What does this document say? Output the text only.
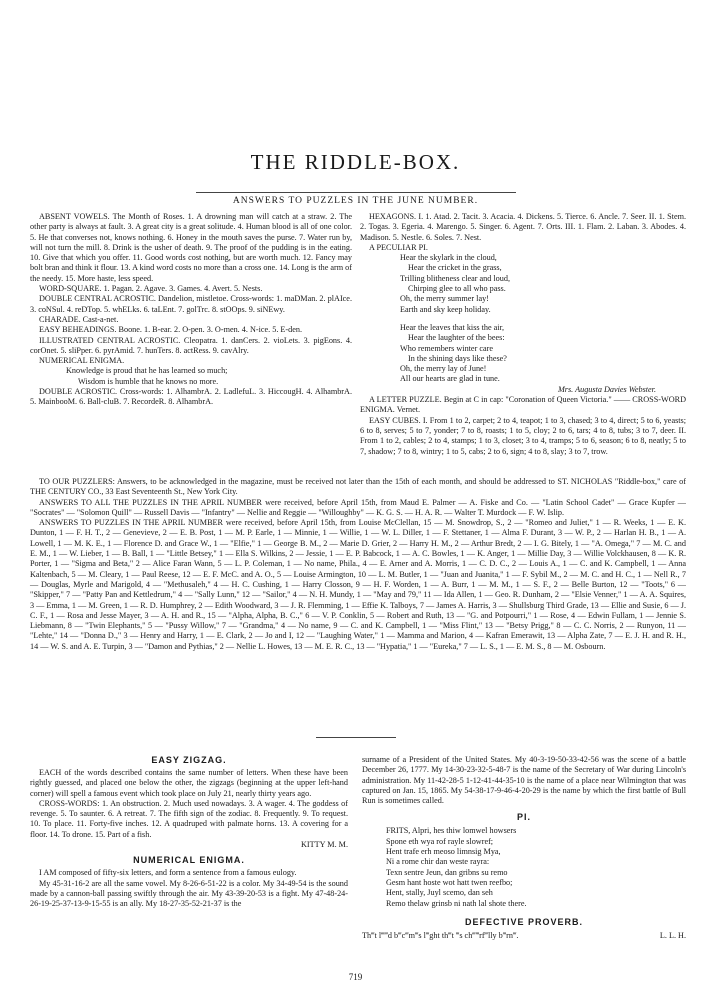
THE RIDDLE-BOX.
ANSWERS TO PUZZLES IN THE JUNE NUMBER.

ABSENT VOWELS. The Month of Roses. 1. A drowning man will catch at a straw. 2. The other party is always at fault. 3. A great city is a great solitude. 4. Human blood is all of one color. 5. He that converses not, knows nothing. 6. Honey in the mouth saves the purse. 7. Water run by, will not turn the mill. 8. Drink is the usher of death. 9. The proof of the pudding is in the eating. 10. Give that which you offer. 11. Good words cost nothing, but are worth much. 12. Fancy may bolt bran and think it flour. 13. A kind word costs no more than a cross one. 14. Long is the arm of the needy. 15. More haste, less speed.

WORD-SQUARE. 1. Pagan. 2. Agave. 3. Games. 4. Avert. 5. Nests.

DOUBLE CENTRAL ACROSTIC. Dandelion, mistletoe. Cross-words: 1. maDMan. 2. plAIce. 3. coNSul. 4. reDTop. 5. whELks. 6. taLEnt. 7. golTrc. 8. stOOps. 9. siNEwy.

CHARADE. Cast-a-net.

EASY BEHEADINGS. Boone. 1. B-ear. 2. O-pen. 3. O-men. 4. N-ice. 5. E-den.

ILLUSTRATED CENTRAL ACROSTIC. Cleopatra. 1. danCers. 2. vioLets. 3. pigEons. 4. corOnet. 5. sliPper. 6. pyrAmid. 7. hunTers. 8. actRess. 9. cavAlry.

NUMERICAL ENIGMA.

Knowledge is proud that he has learned so much;

Wisdom is humble that he knows no more.

DOUBLE ACROSTIC. Cross-words: 1. AlhambrA. 2. LadlefuL. 3. HiccougH. 4. AlhambrA. 5. MainbooM. 6. Ball-cluB. 7. RecordeR. 8. AlhambrA.

HEXAGONS. I. 1. Atad. 2. Tacit. 3. Acacia. 4. Dickens. 5. Tierce. 6. Ancle. 7. Seer. II. 1. Stem. 2. Togas. 3. Egeria. 4. Marengo. 5. Singer. 6. Agent. 7. Orts. III. 1. Flam. 2. Laban. 3. Abodes. 4. Madison. 5. Nestle. 6. Soles. 7. Nest.

A PECULIAR PI.

Hear the skylark in the cloud,
Hear the cricket in the grass,
Trilling blitheness clear and loud,
Chirping glee to all who pass.
Oh, the merry summer lay!
Earth and sky keep holiday.
Hear the leaves that kiss the air,
Hear the laughter of the bees:
Who remembers winter care
In the shining days like these?
Oh, the merry lay of June!
All our hearts are glad in tune.
Mrs. Augusta Davies Webster.

A LETTER PUZZLE. Begin at C in cap: "Coronation of Queen Victoria." —— CROSS-WORD ENIGMA. Vernet.

EASY CUBES. I. From 1 to 2, carpet; 2 to 4, teapot; 1 to 3, chased; 3 to 4, direct; 5 to 6, yeasts; 6 to 8, serves; 5 to 7, yonder; 7 to 8, roasts; 1 to 5, cloy; 2 to 6, tars; 4 to 8, tubs; 3 to 7, deer. II. From 1 to 2, cables; 2 to 4, stamps; 1 to 3, closet; 3 to 4, tramps; 5 to 6, season; 6 to 8, neatly; 5 to 7, shadow; 7 to 8, wintry; 1 to 5, cabs; 2 to 6, sign; 4 to 8, slay; 3 to 7, trow.

TO OUR PUZZLERS: Answers, to be acknowledged in the magazine, must be received not later than the 15th of each month, and should be addressed to ST. NICHOLAS "Riddle-box," care of THE CENTURY CO., 33 East Seventeenth St., New York City.

ANSWERS TO ALL THE PUZZLES IN THE APRIL NUMBER were received, before April 15th, from Maud E. Palmer — A. Fiske and Co. — "Latin School Cadet" — Grace Kupfer — "Socrates" — "Solomon Quill" — Russell Davis — "Infantry" — Nellie and Reggie — "Willoughby" — K. G. S. — H. A. R. — Walter T. Murdock — F. W. Islip.

ANSWERS TO PUZZLES IN THE APRIL NUMBER were received, before April 15th, from Louise McClellan, 15 — M. Snowdrop, S., 2 — "Romeo and Juliet," 1 — R. Weeks, 1 — E. K. Dunton, 1 — F. H. T., 2 — Genevieve, 2 — E. B. Post, 1 — M. P. Earle, 1 — Minnie, 1 — Willie, 1 — W. L. Diller, 1 — F. Stettaner, 1 — Alma F. Durant, 3 — W. P., 2 — Harlan H. B., 1 — A. Lowell, 1 — M. K. E., 1 — Florence D. and Grace W., 1 — "Elfie," 1 — George B. M., 2 — Marie D. Grier, 2 — Harry H. M., 2 — Arthur Bredt, 2 — I. G. Bitely, 1 — "A. Omega," 7 — M. C. and E. M., 1 — W. Lieber, 1 — B. Ball, 1 — "Little Betsey," 1 — Ella S. Wilkins, 2 — Jessie, 1 — E. P. Babcock, 1 — A. C. Bowles, 1 — K. Anger, 1 — Millie Day, 3 — Willie Volckhausen, 8 — K. R. Porter, 1 — "Sigma and Beta," 2 — Alice Faran Wann, 5 — L. P. Coleman, 1 — No name, Phila., 4 — E. Arner and A. Morris, 1 — C. D. C., 2 — Louis A., 1 — C. and K. Campbell, 1 — Anna Kaltenbach, 5 — M. Cleary, 1 — Paul Reese, 12 — E. F. McC. and A. O., 5 — Louise Armington, 10 — L. M. Butler, 1 — "Juan and Juanita," 1 — F. Sybil M., 2 — M. C. and H. C., 1 — Nell R., 7 — Douglas, Myrle and Marigold, 4 — "Methusaleh," 4 — H. C. Cushing, 1 — Harry Closson, 9 — H. F. Worden, 1 — A. Burr, 1 — M. M., 1 — S. F., 2 — Belle Burton, 12 — "Toots," 6 — "Skipper," 7 — "Patty Pan and Kettledrum," 4 — "Sally Lunn," 12 — "Sailor," 4 — N. H. Mundy, 1 — "May and 79," 11 — Ida Allen, 1 — Geo. R. Dunham, 2 — "Elsie Venner," 1 — A. A. Squires, 3 — Emma, 1 — M. Green, 1 — R. D. Humphrey, 2 — Edith Woodward, 3 — J. R. Flemming, 1 — Effie K. Talboys, 7 — James A. Harris, 3 — Shullsburg Third Grade, 13 — Ellie and Susie, 6 — J. C. F., 1 — Rosa and Jesse Mayer, 3 — A. H. and R., 15 — "Alpha, Alpha, B. C.," 6 — V. P. Conklin, 5 — Robert and Ruth, 13 — "G. and Potpourri," 1 — Rose, 4 — Edwin Fullam, 1 — Jennie S. Liebmann, 8 — "Twin Elephants," 5 — "Pussy Willow," 7 — "Grandma," 4 — No name, 9 — C. and K. Campbell, 1 — "Miss Flint," 13 — "Betsy Prigg," 8 — C. C. Norris, 2 — Runyon, 11 — "Lehte," 14 — "Donna D.," 3 — Henry and Harry, 1 — E. Clark, 2 — Jo and I, 12 — "Laughing Water," 1 — Mamma and Marion, 4 — Kafran Emerawit, 13 — Alpha Zate, 7 — E. J. H. and R. H., 14 — W. S. and A. E. Turpin, 3 — "Damon and Pythias," 2 — Nellie L. Howes, 13 — M. E. R. C., 13 — "Hypatia," 1 — "Eureka," 7 — L. S., 1 — E. M. S., 8 — M. Osbourn.

EASY ZIGZAG.

EACH of the words described contains the same number of letters. When these have been rightly guessed, and placed one below the other, the zigzags (beginning at the upper left-hand corner) will spell a famous event which took place on July 21, nearly thirty years ago.

CROSS-WORDS: 1. An obstruction. 2. Much used nowadays. 3. A wager. 4. The goddess of revenge. 5. To saunter. 6. A retreat. 7. The fifth sign of the zodiac. 8. Frequently. 9. To request. 10. To place. 11. Forty-five inches. 12. A quadruped with palmate horns. 13. A covering for a floor. 14. To drone. 15. Part of a fish.

KITTY M. M.
NUMERICAL ENIGMA.

I AM composed of fifty-six letters, and form a sentence from a famous eulogy.

My 45-31-16-2 are all the same vowel. My 8-26-6-51-22 is a color. My 34-49-54 is the sound made by a cannon-ball passing swiftly through the air. My 43-39-20-53 is a fight. My 47-48-24-26-19-25-37-13-9-15-55 is an ally. My 18-27-35-52-21-37 is the

surname of a President of the United States. My 40-3-19-50-33-42-56 was the scene of a battle December 26, 1777. My 14-30-23-32-5-48-7 is the name of the Secretary of War during Lincoln's administration. My 11-42-28-5 1-12-41-44-35-10 is the name of a place near Wilmington that was captured on Jan. 15, 1865. My 54-38-17-9-46-4-20-29 is the name by which the first battle of Bull Run is sometimes called.

PI.
FRITS, Alpri, hes thiw lomwel howsers
Spone eth wya rof rayle slowref;
Hent trafe erh meoso limnsig Mya,
Ni a rome chir dan weste rayra:
Texn sentre Jeun, dan gribns su remo
Gesm hant hoste wot hatt twen reefbo;
Hent, stally, Juyl scemo, dan seh
Remo thelaw grinsb ni nath lal shote there.
DEFECTIVE PROVERB.
Th‴t l‴‴d b‴c‴m‴s l‴ght th‴t ‴s ch‴‴rf‴lly b‴rn‴.	L. L. H.
719
